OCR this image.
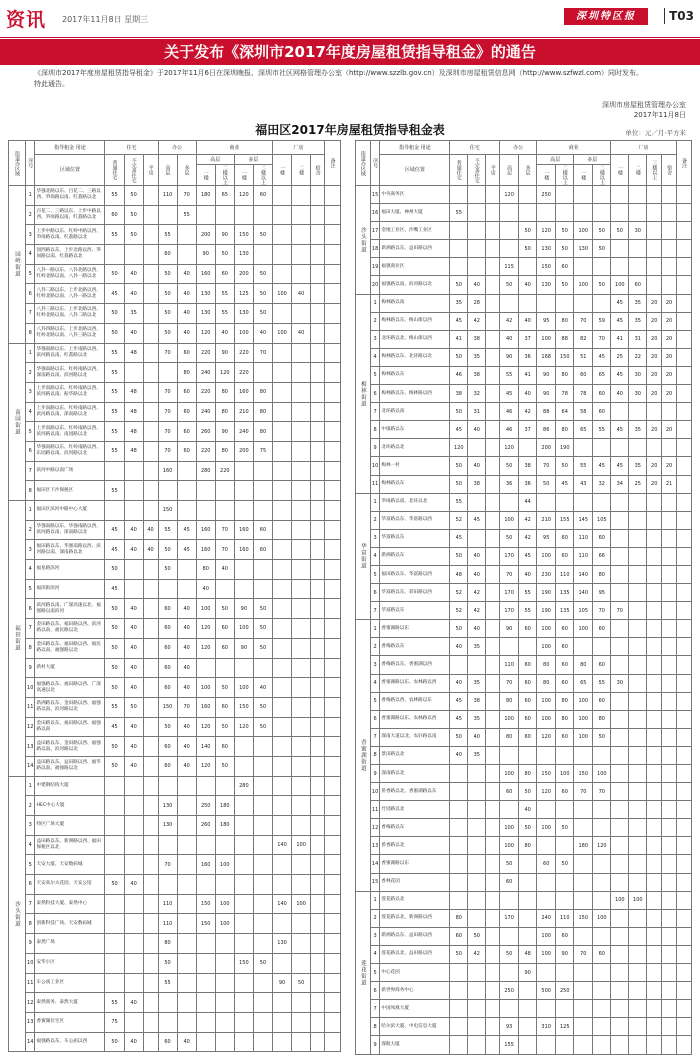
资讯 2017年11月8日 星期三	深圳特区报	T03
关于发布《深圳市2017年度房屋租赁指导租金》的通告

《深圳市2017年度房屋租赁指导租金》于2017年11月6日在深圳晚报、深圳市社区网格管理办公室（http://www.szzlb.gov.cn）及深圳市房屋租赁信息网（http://www.szfwzl.com）同时发布。

特此通告。

深圳市房屋租赁管理办公室
2017年11月8日
福田区2017年房屋租赁指导租金表	单位：元／月·平方米
街道办区域	序号	指导租金 用途	住宅			办公		商业				厂房			备注
		区域位置	普通住宅	不完善住宅	平房	高层	多层	高层		多层		一楼	二楼	宿舍	
								一楼	二楼以上	一楼	二楼以上				
园岭街道	1	华强北路以东、百花二、三路以西、笋岗路以南、红荔路以北	55	50		110	70	180	65	120	60				
	2	百花二、三路以东、上步中路以西、笋岗路以南、红荔路以北	60	50			55								
	3	上步中路以东、红岭中路以西、笋岗路以南、红荔路以北	55	50		55		200	90	150	50				
	4	园西路以东、上步北路以西、笋岗路以南、红荔路以北				60		90	50	130					
	5	八卦一路以东、八卦北路以西、红岭北路以南、八卦一路以北	50	40		50	40	160	60	200	50				
	6	八卦二路以东、上步北路以西、红岭北路以南、八卦一路以北	45	40		50	40	130	55	125	50	100	40		
	7	八卦三路以东、上步北路以西、红岭北路以南、八卦二路以北	50	35		50	40	130	55	130	50				
	8	八卦四路以东、上步北路以西、红岭北路以南、八卦三路以北	50	40		50	40	120	40	100	40	100	40		
南园街道	1	华强南路以东、上步南路以西、滨河路以南、红荔路以北	55	48		70	60	220	90	220	70				
	2	华强南路以东、红岭南路以西、深南路以南、滨河路以北	55				80	240	120	220					
	3	上步南路以东、红岭南路以西、滨河路以南、振华路以北	55	48		70	60	220	80	160	80				
	4	上步南路以东、红岭南路以西、滨河路以南、深南路以北	55	48		70	60	240	80	210	80				
	5	上步南路以东、红岭南路以西、滨河路以南、南园路以北	55	48		70	60	260	90	240	80				
	6	华强南路以东、红岭南路以西、东园路以南、滨河路以北	55	48		70	60	220	80	200	75				
	7	滨河中路以南广场				160		280	220						
	8	福田区下沙保税区	55												
福田街道	1	福田区滨河中路中心大厦				150									
	2	华强南路以东、华强南路以西、滨河路以南、深南路以北	45	40	40	55	45	160	70	160	60				
	3	福田路以东、华强南路以西、滨河路以南、深南路以北	45	40	40	50	45	160	70	160	60				
	4	福星路滨河	50			50		80	40						
	5	福滨街滨河	45					40							
	6	滨河路以南、广深高速以北、福强路以南滨河	50	40		60	40	100	50	90	50				
	7	金田路以东、福田路以西、滨河路以南、福民路以北	50	40		60	40	120	60	100	50				
	8	金田路以东、福田路以西、福民路以南、福强路以北	50	40		60	40	120	60	90	50				
	9	新村大厦	50	40		60	40								
	10	福强路以东、福田路以西、广深高速以北	50	40		60	40	100	50	100	40				
	11	新洲路以东、金田路以西、福强路以南、滨河路以北	55	50		150	70	160	60	150	50				
	12	金田路以东、福田路以西、福强路以南	45	40		50	40	120	50	120	50				
	13	益田路以东、金田路以西、福强路以南、滨河路以北	50	40		60	40	140	60						
	14	益田路以东、益田路以西、福华路以南、福强路以北	50	40		60	40	120	50						
沙头街道	1	中建钢结构大厦								280					
	2	HEC中心大厦				130		250	180						
	3	特区广场大厦				130		260	180						
	4	益田路以东、新洲路以西、福田保税区以北										140	100		
	5	天安大厦、天安数码城				70		160	100						
	6	天安高尔夫花园、天安公馆	50	40											
	7	泰然科技大厦、泰然中心				110		150	100			140	100		
	8	创新科技广场、天安数码城				110		150	100						
	9	泰然广场				80						130			
	10	安华小区				50				150	50				
	11	车公庙工业区				55						90	50		
	12	泰然商务、泰然大厦	55	40											
	13	香蜜湖住宅区	75												
	14	福强路以东、车公庙以西	50	40		60	40								
街道办区域	序号	指导租金 用途	住宅			办公		商业				厂房				备注
		区域位置	普通住宅	不完善住宅	平房	高层	多层	高层		多层		一楼	二楼	三楼以上	宿舍	
								一楼	二楼以上	一楼	二楼以上					
沙头街道	15	中央商务区				120		250								
	16	福田大厦、神州大厦	55													
	17	金地工业区、沙嘴工业区					50	120	50	100	50	50	30			
	18	新洲路以东、益田路以西					50	130	50	130	50					
	19	福强商业区				115		150	60							
	20	福强路以南、滨河路以北	50	40		50	40	130	50	100	50	100	60			
梅林街道	1	梅林路以南	35	28								45	35	20	20	
	2	梅林路以东、梅山街以西	45	42		42	40	95	80	70	59	45	35	20	20	
	3	北环路以北、梅山街以西	41	38		40	37	100	88	82	70	41	31	20	20	
	4	梅林路以东、北环路以北	50	35		90	36	168	150	51	45	25	22	20	20	
	5	梅林路以东	46	38		55	41	90	80	60	65	45	30	20	20	
	6	梅林路以东、梅林路以西	38	32		45	40	90	78	78	60	40	30	20	20	
	7	北环路以南	50	31		46	42	88	64	58	60					
	8	中康路以东	45	40		46	37	86	80	65	55	45	35	20	20	
	9	北环路以北	120			120		200	190							
	10	梅林一村	50	40		50	38	70	50	55	45	45	35	20	20	
	11	梅林路以东	50	38		36	36	50	45	43	32	34	25	20	21	
华富街道	1	笋岗路以南、北环以北	55				44									
	2	华富路以东、华富路以西	52	45		100	42	210	155	145	105					
	3	华富路以东	45			50	42	95	60	110	60					
	4	新洲路以东	50	40		170	45	100	60	110	66					
	5	福田路以东、华富路以西	48	40		70	40	230	110	140	80					
	6	华富路以东、彩田路以西	52	42		170	55	190	135	140	95					
	7	华富路以东	52	42		170	55	190	135	105	70	70				
香蜜湖街道	1	香蜜湖路以东	50	40		90	60	100	60	100	60					
	2	香梅路以东	40	35				100	60							
	3	香梅路以东、香蜜湖以西				110	60	80	60	80	60					
	4	香蜜湖路以东、农林路以西	40	35		70	60	80	60	65	55	30				
	5	香梅路以西、农林路以东	45	38		80	60	100	80	100	60					
	6	香蜜湖路以东、农林路以西	45	35		100	60	100	80	100	80					
	7	深南大道以北、农轩路以南	50	40		80	60	120	60	100	50					
	8	景田路以北	40	35												
	9	深南路以北				100	80	150	100	150	100					
	10	侨香路以北、香蜜湖路以东				60	50	120	60	70	70					
	11	竹园路以北					40									
	12	香梅路以东				100	50	100	50							
	13	侨香路以北				100	80			180	120					
	14	香蜜湖路以东				50		60	50							
	15	香林花园				60										
莲花街道	1	莲花路以北										100	100			
	2	莲花路以北、新洲路以西	80			170		240	110	150	100					
	3	新洲路以东、益田路以西	60	50				100	60							
	4	莲花路以北、益田路以西	50	42		50	48	100	90	70	60					
	5	中心花园					90									
	6	新世界商务中心				250		500	250							
	7	中国凤凰大厦														
	8	哈尔滨大厦、中电信息大厦				93		310	125							
	9	深航大厦				155										
